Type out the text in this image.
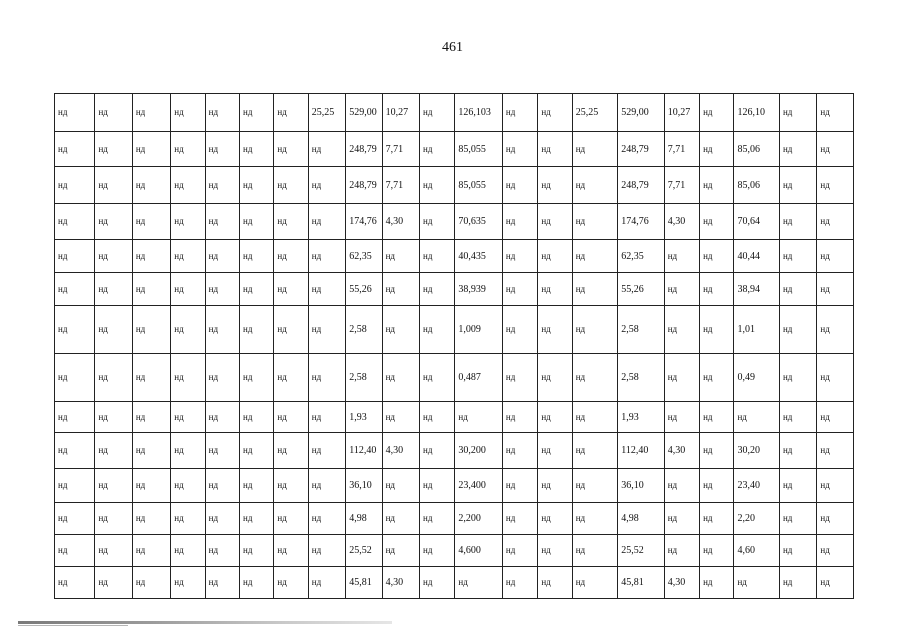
461
нд	нд	нд	нд	нд	нд	нд	25,25	529,00	10,27	нд	126,103	нд	нд	25,25	529,00	10,27	нд	126,10	нд	нд
нд	нд	нд	нд	нд	нд	нд	нд	248,79	7,71	нд	85,055	нд	нд	нд	248,79	7,71	нд	85,06	нд	нд
нд	нд	нд	нд	нд	нд	нд	нд	248,79	7,71	нд	85,055	нд	нд	нд	248,79	7,71	нд	85,06	нд	нд
нд	нд	нд	нд	нд	нд	нд	нд	174,76	4,30	нд	70,635	нд	нд	нд	174,76	4,30	нд	70,64	нд	нд
нд	нд	нд	нд	нд	нд	нд	нд	62,35	нд	нд	40,435	нд	нд	нд	62,35	нд	нд	40,44	нд	нд
нд	нд	нд	нд	нд	нд	нд	нд	55,26	нд	нд	38,939	нд	нд	нд	55,26	нд	нд	38,94	нд	нд
нд	нд	нд	нд	нд	нд	нд	нд	2,58	нд	нд	1,009	нд	нд	нд	2,58	нд	нд	1,01	нд	нд
нд	нд	нд	нд	нд	нд	нд	нд	2,58	нд	нд	0,487	нд	нд	нд	2,58	нд	нд	0,49	нд	нд
нд	нд	нд	нд	нд	нд	нд	нд	1,93	нд	нд	нд	нд	нд	нд	1,93	нд	нд	нд	нд	нд
нд	нд	нд	нд	нд	нд	нд	нд	112,40	4,30	нд	30,200	нд	нд	нд	112,40	4,30	нд	30,20	нд	нд
нд	нд	нд	нд	нд	нд	нд	нд	36,10	нд	нд	23,400	нд	нд	нд	36,10	нд	нд	23,40	нд	нд
нд	нд	нд	нд	нд	нд	нд	нд	4,98	нд	нд	2,200	нд	нд	нд	4,98	нд	нд	2,20	нд	нд
нд	нд	нд	нд	нд	нд	нд	нд	25,52	нд	нд	4,600	нд	нд	нд	25,52	нд	нд	4,60	нд	нд
нд	нд	нд	нд	нд	нд	нд	нд	45,81	4,30	нд	нд	нд	нд	нд	45,81	4,30	нд	нд	нд	нд
